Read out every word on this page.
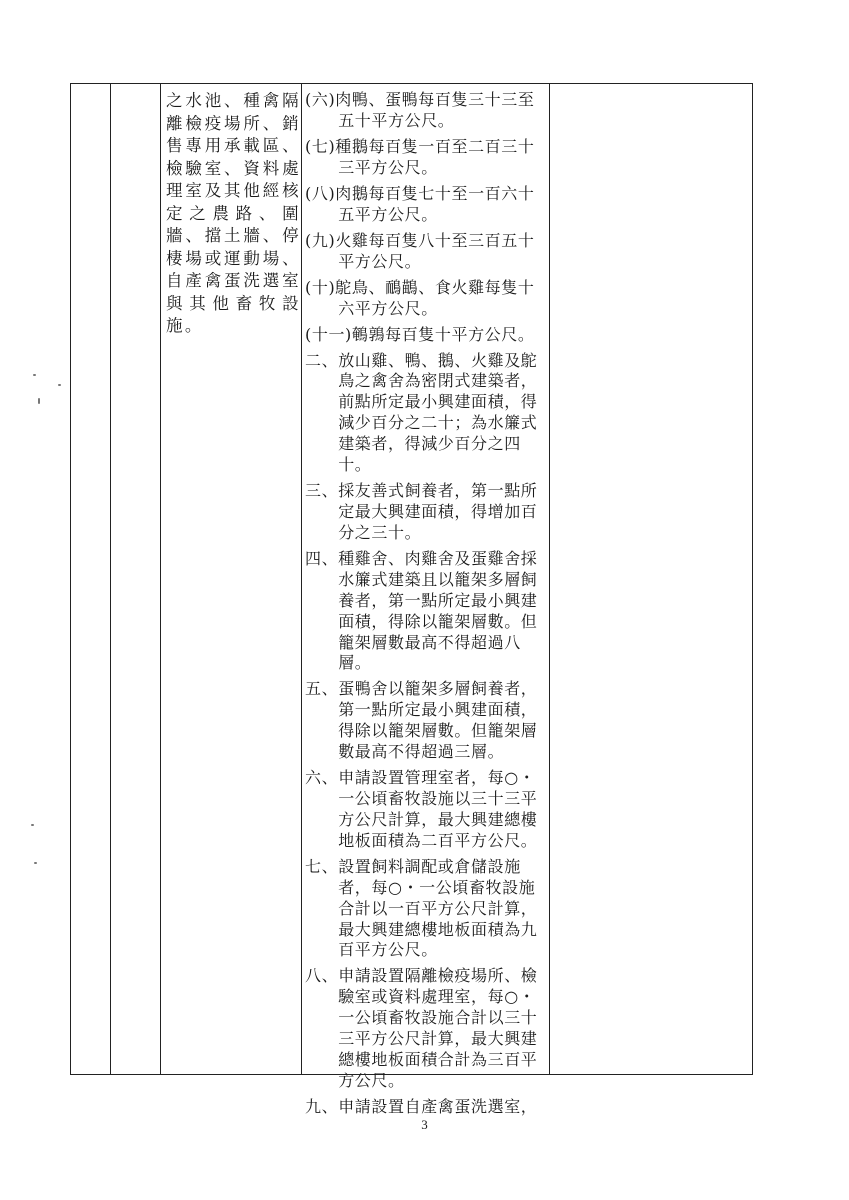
之水池、種禽隔
離檢疫場所、銷
售專用承載區、
檢驗室、資料處
理室及其他經核
定之農路、圍
牆、擋土牆、停
棲場或運動場、
自產禽蛋洗選室
與其他畜牧設
施。
(六)肉鴨、蛋鴨每百隻三十三至
　　五十平方公尺。
(七)種鵝每百隻一百至二百三十
　　三平方公尺。
(八)肉鵝每百隻七十至一百六十
　　五平方公尺。
(九)火雞每百隻八十至三百五十
　　平方公尺。
(十)鴕鳥、鴯鶓、食火雞每隻十
　　六平方公尺。
(十一)鵪鶉每百隻十平方公尺。
二、放山雞、鴨、鵝、火雞及鴕
　　鳥之禽舍為密閉式建築者，
　　前點所定最小興建面積，得
　　減少百分之二十；為水簾式
　　建築者，得減少百分之四
　　十。
三、採友善式飼養者，第一點所
　　定最大興建面積，得增加百
　　分之三十。
四、種雞舍、肉雞舍及蛋雞舍採
　　水簾式建築且以籠架多層飼
　　養者，第一點所定最小興建
　　面積，得除以籠架層數。但
　　籠架層數最高不得超過八
　　層。
五、蛋鴨舍以籠架多層飼養者，
　　第一點所定最小興建面積，
　　得除以籠架層數。但籠架層
　　數最高不得超過三層。
六、申請設置管理室者，每○・
　　一公頃畜牧設施以三十三平
　　方公尺計算，最大興建總樓
　　地板面積為二百平方公尺。
七、設置飼料調配或倉儲設施
　　者，每○・一公頃畜牧設施
　　合計以一百平方公尺計算，
　　最大興建總樓地板面積為九
　　百平方公尺。
八、申請設置隔離檢疫場所、檢
　　驗室或資料處理室，每○・
　　一公頃畜牧設施合計以三十
　　三平方公尺計算，最大興建
　　總樓地板面積合計為三百平
　　方公尺。
九、申請設置自產禽蛋洗選室，
3
